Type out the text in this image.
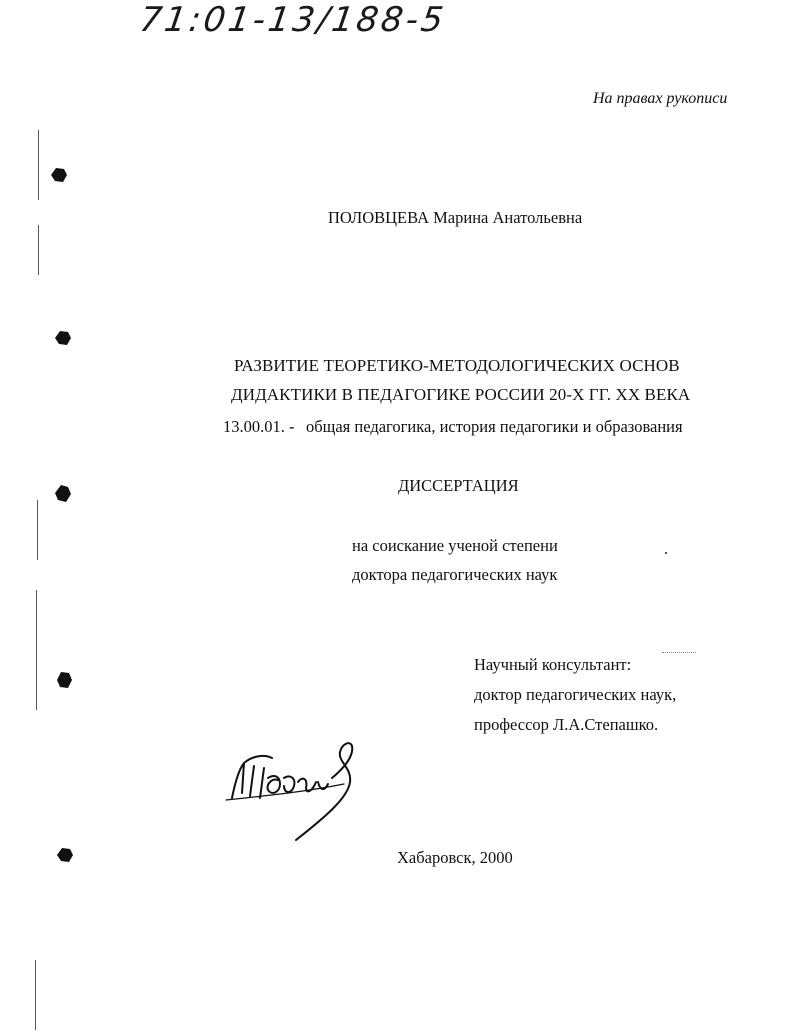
71:01-13/188-5
На правах рукописи
ПОЛОВЦЕВА Марина Анатольевна
РАЗВИТИЕ ТЕОРЕТИКО-МЕТОДОЛОГИЧЕСКИХ ОСНОВ
ДИДАКТИКИ В ПЕДАГОГИКЕ РОССИИ 20-Х ГГ. ХХ ВЕКА
13.00.01. - общая педагогика, история педагогики и образования
ДИССЕРТАЦИЯ
на соискание ученой степени
доктора педагогических наук
Научный консультант:
доктор педагогических наук,
профессор Л.А.Степашко.
Хабаровск, 2000
